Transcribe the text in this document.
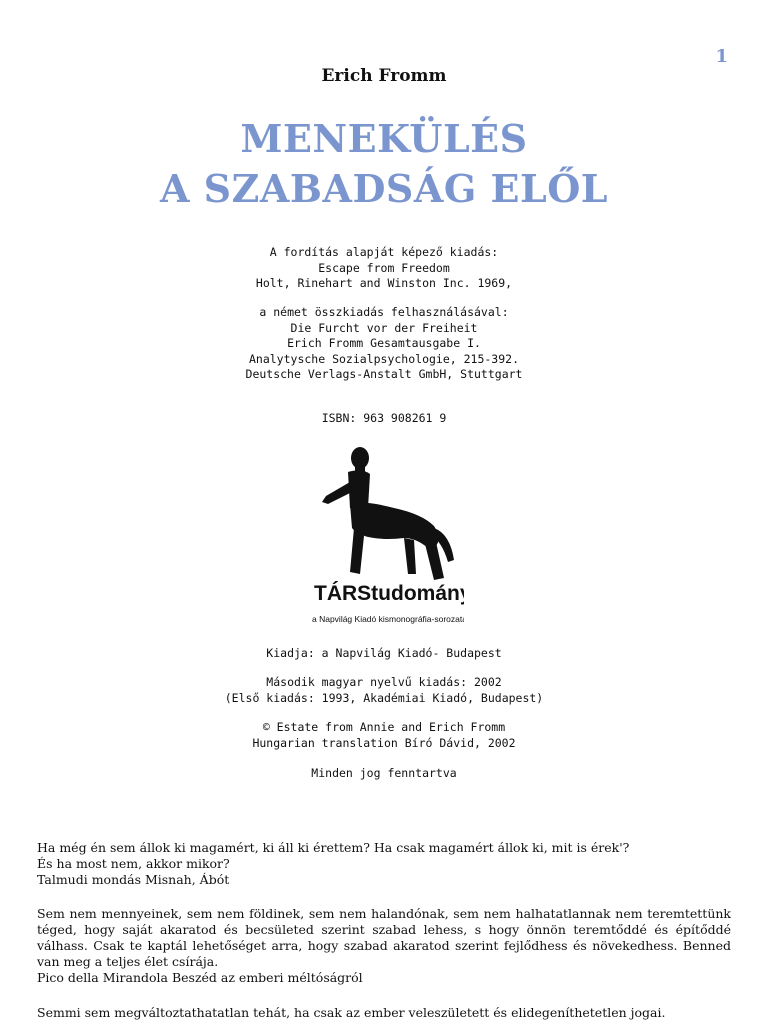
1
Erich Fromm
MENEKÜLÉS
A SZABADSÁG ELŐL
A fordítás alapját képező kiadás:
Escape from Freedom
Holt, Rinehart and Winston Inc. 1969,
a német összkiadás felhasználásával:
Die Furcht vor der Freiheit
Erich Fromm Gesamtausgabe I.
Analytysche Sozialpsychologie, 215-392.
Deutsche Verlags-Anstalt GmbH, Stuttgart
ISBN: 963 908261 9
TÁRStudomány
a Napvilág Kiadó kismonográfia-sorozata
Kiadja: a Napvilág Kiadó- Budapest
Második magyar nyelvű kiadás: 2002
(Első kiadás: 1993, Akadémiai Kiadó, Budapest)
© Estate from Annie and Erich Fromm
Hungarian translation Bíró Dávid, 2002
Minden jog fenntartva
Ha még én sem állok ki magamért, ki áll ki érettem? Ha csak magamért állok ki, mit is érek'?
És ha most nem, akkor mikor?
Talmudi mondás Misnah, Ábót
Sem nem mennyeinek, sem nem földinek, sem nem halandónak, sem nem halhatatlannak nem teremtettünk téged, hogy saját akaratod és becsületed szerint szabad lehess, s hogy önnön teremtőddé és építőddé válhass. Csak te kaptál lehetőséget arra, hogy szabad akaratod szerint fejlődhess és növekedhess. Benned van meg a teljes élet csírája.
Pico della Mirandola Beszéd az emberi méltóságról
Semmi sem megváltoztathatatlan tehát, ha csak az ember veleszületett és elidegeníthetetlen jogai.
